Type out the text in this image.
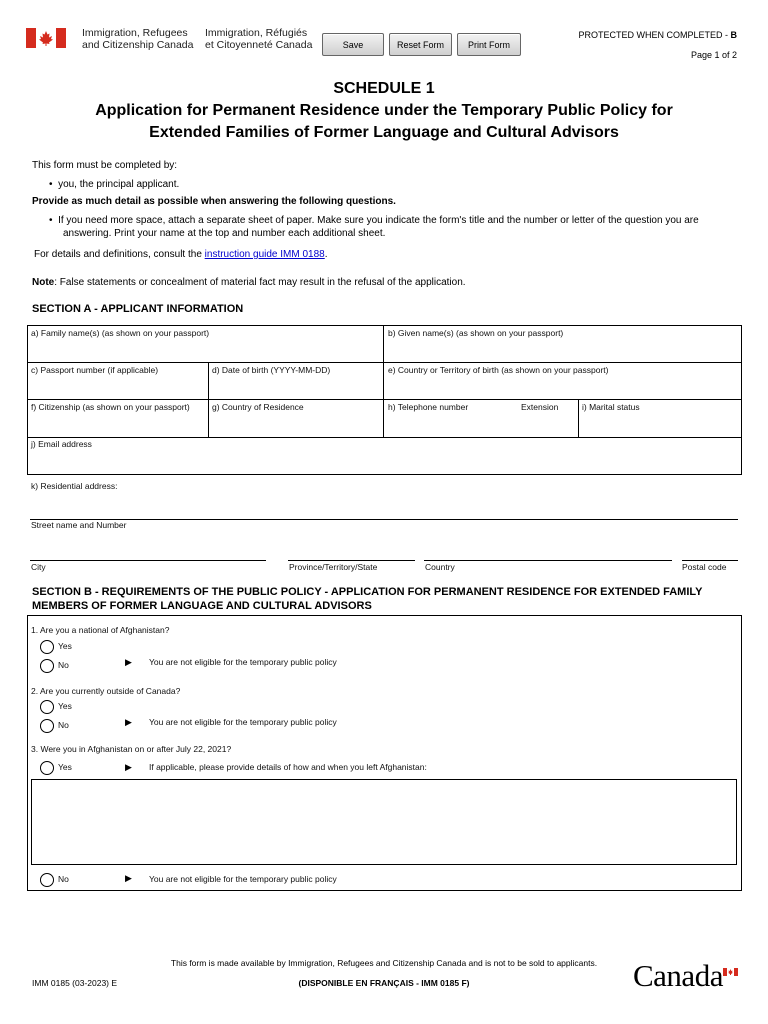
Immigration, Refugees
and Citizenship Canada
Immigration, Réfugiés
et Citoyenneté Canada	Save	Reset Form	Print Form
PROTECTED WHEN COMPLETED - B
Page 1 of 2
SCHEDULE 1
Application for Permanent Residence under the Temporary Public Policy for
Extended Families of Former Language and Cultural Advisors
This form must be completed by:
•  you, the principal applicant.
Provide as much detail as possible when answering the following questions.
•  If you need more space, attach a separate sheet of paper. Make sure you indicate the form's title and the number or letter of the question you are
answering. Print your name at the top and number each additional sheet.
For details and definitions, consult the instruction guide IMM 0188.
Note: False statements or concealment of material fact may result in the refusal of the application.
SECTION A - APPLICANT INFORMATION
a) Family name(s) (as shown on your passport)	b) Given name(s) (as shown on your passport)
c) Passport number (if applicable)	d) Date of birth (YYYY-MM-DD)	e) Country or Territory of birth (as shown on your passport)
f) Citizenship (as shown on your passport)	g) Country of Residence	h) Telephone number	Extension	i) Marital status
j) Email address
k) Residential address:
Street name and Number
City	Province/Territory/State	Country	Postal code
SECTION B - REQUIREMENTS OF THE PUBLIC POLICY - APPLICATION FOR PERMANENT RESIDENCE FOR EXTENDED FAMILY
MEMBERS OF FORMER LANGUAGE AND CULTURAL ADVISORS
1. Are you a national of Afghanistan?
Yes
No	▶ You are not eligible for the temporary public policy
2. Are you currently outside of Canada?
Yes
No	▶ You are not eligible for the temporary public policy
3. Were you in Afghanistan on or after July 22, 2021?
Yes	▶ If applicable, please provide details of how and when you left Afghanistan:
No	▶ You are not eligible for the temporary public policy
This form is made available by Immigration, Refugees and Citizenship Canada and is not to be sold to applicants.
IMM 0185 (03-2023) E	(DISPONIBLE EN FRANÇAIS - IMM 0185 F)	Canada
